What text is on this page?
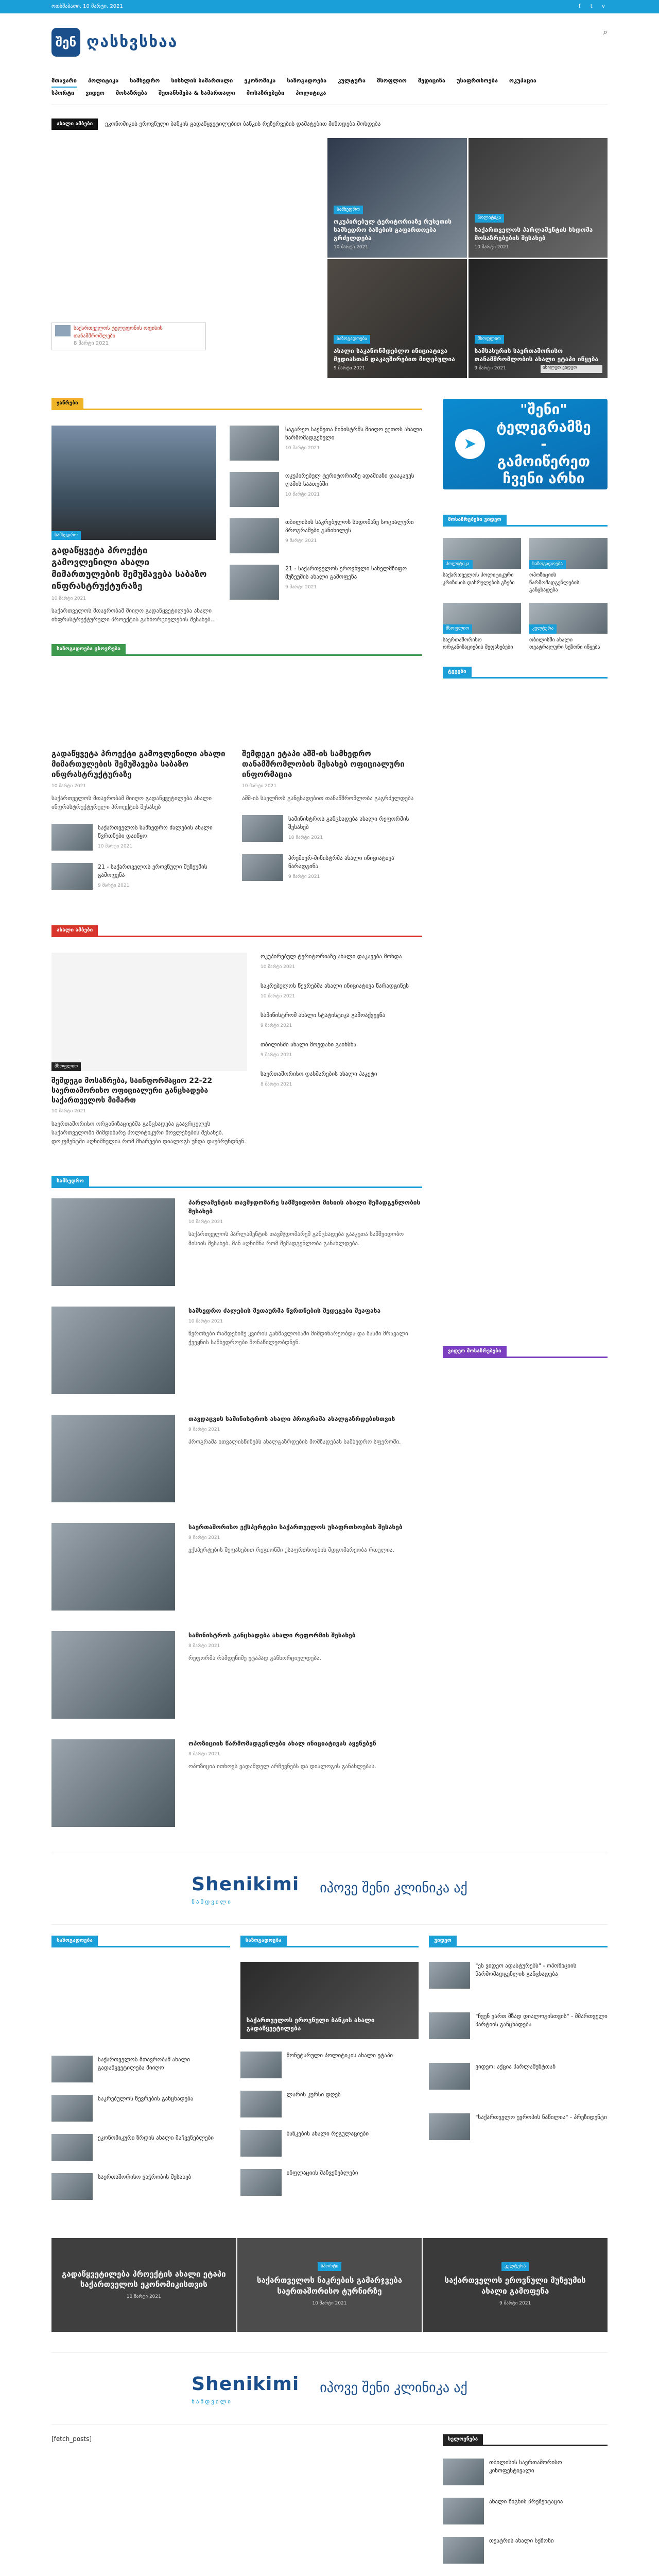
ოთხშაბათი, 10 მარტი, 2021	f t v
შენ ღასხვსხაა
მთავარი პოლიტიკა სამხედრო სისხლის სამართალი ეკონომიკა საზოგადოება კულტურა მსოფლიო მედიცინა უსაფრთხოება ოკუპაცია
სპორტი ვიდეო მოსაზრება შეთანხმება & სამართალი მოსაზრებები პოლიტიკა
⌕
ახალი ამბები	ეკონომიკის ეროვნული ბანკის გადაწყვეტილებით ბანკის რეზერვების დამატებით მიწოდება მოხდება
საქართველოს ტელეფონის ოფისის თანამშრომლები
8 მარტი 2021
სამხედრო
ოკუპირებულ ტერიტორიაზე რუსეთის სამხედრო ბაზების გაფართოება გრძელდება
10 მარტი 2021
პოლიტიკა
საქართველოს პარლამენტის სხდომა მოსაზრებების შესახებ
10 მარტი 2021
საზოგადოება
ახალი საკანონმდებლო ინიციატივა მედიასთან დაკავშირებით მიღებულია
9 მარტი 2021
მსოფლიო
სამსახურის საერთაშორისო თანამშრომლობის ახალი ეტაპი იწყება
9 მარტი 2021	იხილეთ ვიდეო
ჯანრები
სამხედრო
გადაწყვეტა პროექტი გამოვლენილი ახალი მიმართულების შემუშავება საბაზო ინფრასტრუქტურაზე
10 მარტი 2021
საქართველოს მთავრობამ მიიღო გადაწყვეტილება ახალი ინფრასტრუქტურული პროექტის განხორციელების შესახებ...
საგარეო საქმეთა მინისტრმა მიიღო ეუთოს ახალი წარმომადგენელი
10 მარტი 2021
ოკუპირებულ ტერიტორიაზე ადამიანი დააკავეს ღამის საათებში
10 მარტი 2021
თბილისის საკრებულოს სხდომაზე სოციალური პროგრამები განიხილეს
9 მარტი 2021
21 - საქართველოს ეროვნული სახელმწიფო მუზეუმის ახალი გამოფენა
9 მარტი 2021
საზოგადოება ცხოვრება
გადაწყვეტა პროექტი გამოვლენილი ახალი მიმართულების შემუშავება საბაზო ინფრასტრუქტურაზე
10 მარტი 2021
საქართველოს მთავრობამ მიიღო გადაწყვეტილება ახალი ინფრასტრუქტურული პროექტის შესახებ
საქართველოს სამხედრო ძალების ახალი წვრთნები დაიწყო
10 მარტი 2021
21 - საქართველოს ეროვნული მუზეუმის გამოფენა
9 მარტი 2021
შემდეგი ეტაპი აშშ-ის სამხედრო თანამშრომლობის შესახებ ოფიციალური ინფორმაცია
10 მარტი 2021
აშშ-ის საელჩოს განცხადებით თანამშრომლობა გაგრძელდება
სამინისტროს განცხადება ახალი რეფორმის შესახებ
10 მარტი 2021
პრემიერ-მინისტრმა ახალი ინიციატივა წარადგინა
9 მარტი 2021
➤
"შენი" ტელეგრამზე - გამოიწერეთ ჩვენი არხი
მოსაზრებები ვიდეო
პოლიტიკა
საქართველოს პოლიტიკური კრიზისის დასრულების გზები
საზოგადოება
ოპოზიციის წარმომადგენლების განცხადება
მსოფლიო
საერთაშორისო ორგანიზაციების შეფასებები
კულტურა
თბილისში ახალი თეატრალური სეზონი იწყება
ტეგები
ახალი ამბები
მსოფლიო
შემდეგი მოსაზრება, საინფორმაციო 22-22 საერთაშორისო ოფიციალური განცხადება საქართველოს მიმართ
10 მარტი 2021
საერთაშორისო ორგანიზაციებმა განცხადება გაავრცელეს საქართველოში მიმდინარე პოლიტიკური მოვლენების შესახებ. დოკუმენტში აღნიშნულია რომ მხარეები დიალოგს უნდა დაუბრუნდნენ.
ოკუპირებულ ტერიტორიაზე ახალი დაკავება მოხდა
10 მარტი 2021
საკრებულოს წევრებმა ახალი ინიციატივა წარადგინეს
10 მარტი 2021
სამინისტრომ ახალი სტატისტიკა გამოაქვეყნა
9 მარტი 2021
თბილისში ახალი მოედანი გაიხსნა
9 მარტი 2021
საერთაშორისო დახმარების ახალი პაკეტი
8 მარტი 2021
სამხედრო
პარლამენტის თავმჯდომარე სამშვიდობო მისიის ახალი შემადგენლობის შესახებ
10 მარტი 2021
საქართველოს პარლამენტის თავმჯდომარემ განცხადება გააკეთა სამშვიდობო მისიის შესახებ. მან აღნიშნა რომ შემადგენლობა განახლდება.
სამხედრო ძალების მეთაურმა წვრთნების შედეგები შეაფასა
10 მარტი 2021
წვრთნები რამდენიმე კვირის განმავლობაში მიმდინარეობდა და მასში მრავალი ქვეყნის სამხედროები მონაწილეობდნენ.
თავდაცვის სამინისტროს ახალი პროგრამა ახალგაზრდებისთვის
9 მარტი 2021
პროგრამა ითვალისწინებს ახალგაზრდების მომზადებას სამხედრო სფეროში.
საერთაშორისო ექსპერტები საქართველოს უსაფრთხოების შესახებ
9 მარტი 2021
ექსპერტების შეფასებით რეგიონში უსაფრთხოების მდგომარეობა რთულია.
სამინისტროს განცხადება ახალი რეფორმის შესახებ
8 მარტი 2021
რეფორმა რამდენიმე ეტაპად განხორციელდება.
ოპოზიციის წარმომადგენლები ახალ ინიციატივას აყენებენ
8 მარტი 2021
ოპოზიცია ითხოვს ვადამდელ არჩევნებს და დიალოგის განახლებას.
ვიდეო მოსაზრებები
Shenikimi
ნამდვილი
იპოვე შენი კლინიკა აქ
საზოგადოება
საქართველოს მთავრობამ ახალი გადაწყვეტილება მიიღო
საკრებულოს წევრების განცხადება
ეკონომიკური ზრდის ახალი მაჩვენებლები
საერთაშორისო ვაჭრობის შესახებ
საზოგადოება
საქართველოს ეროვნული ბანკის ახალი გადაწყვეტილება
მონეტარული პოლიტიკის ახალი ეტაპი
ლარის კურსი დღეს
ბანკების ახალი რეგულაციები
ინფლაციის მაჩვენებლები
ვიდეო
"ეს ვიდეო ადასტურებს" - ოპოზიციის წარმომადგენლის განცხადება
"ჩვენ ვართ მზად დიალოგისთვის" - მმართველი პარტიის განცხადება
ვიდეო: აქცია პარლამენტთან
"საქართველო ევროპის ნაწილია" - პრეზიდენტი
გადაწყვეტილება პროექტის ახალი ეტაპი საქართველოს ეკონომიკისთვის
10 მარტი 2021
სპორტი
საქართველოს ნაკრების გამარჯვება საერთაშორისო ტურნირზე
10 მარტი 2021
კულტურა
საქართველოს ეროვნული მუზეუმის ახალი გამოფენა
9 მარტი 2021
Shenikimi
ნამდვილი
იპოვე შენი კლინიკა აქ
[fetch_posts]	ხელოვნება
თბილისის საერთაშორისო კინოფესტივალი
ახალი წიგნის პრეზენტაცია
თეატრის ახალი სეზონი
